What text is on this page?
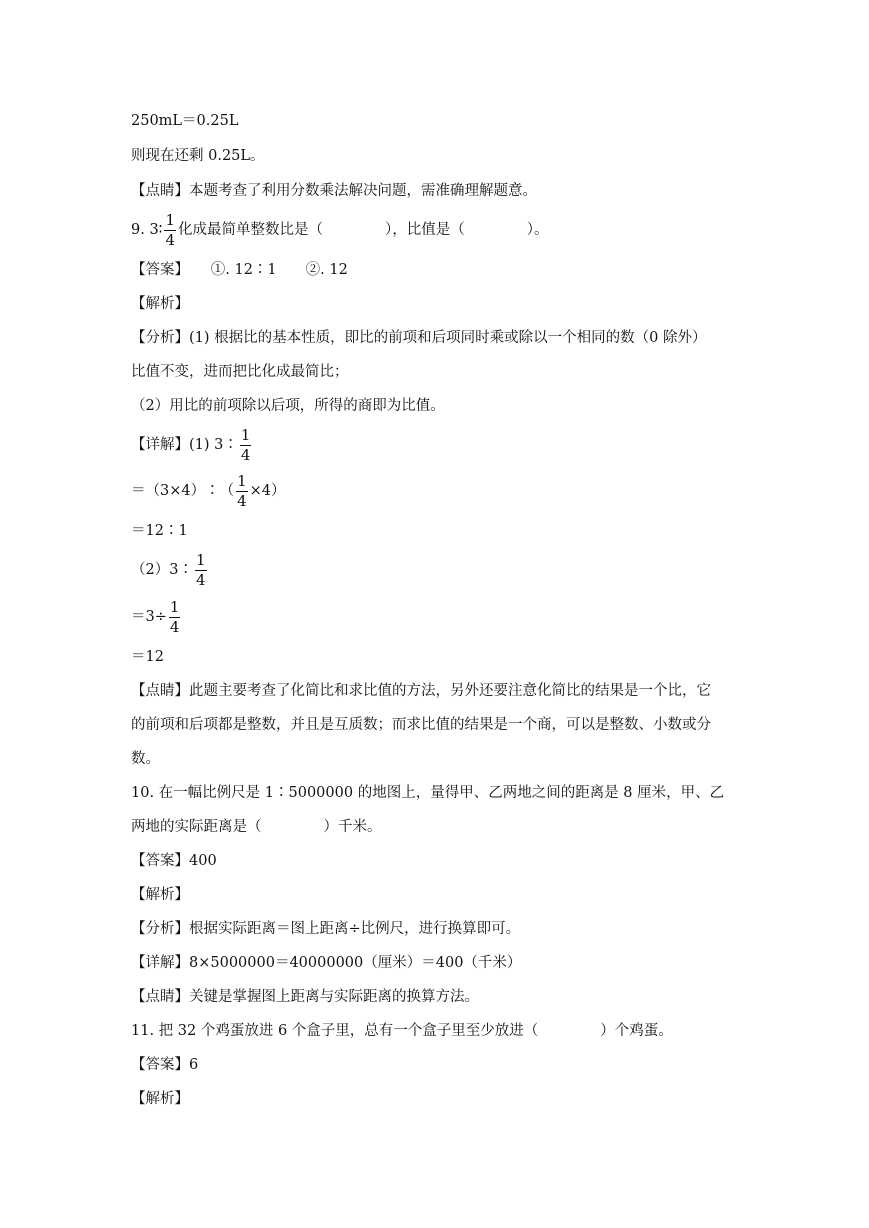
250mL＝0.25L
则现在还剩 0.25L。
【点睛】本题考查了利用分数乘法解决问题，需准确理解题意。
9. 3∶ $\frac{1}{4}$ 化成最简单整数比是（	），比值是（	）。
【答案】　　①. 12∶1　　②. 12
【解析】
【分析】(1) 根据比的基本性质，即比的前项和后项同时乘或除以一个相同的数（0 除外）
比值不变，进而把比化成最简比；
（2）用比的前项除以后项，所得的商即为比值。
【详解】(1) 3∶ $\frac{1}{4}$
＝（3×4）∶（ $\frac{1}{4} \times 4$）
＝12∶1
（2）3∶ $\frac{1}{4}$
$=3\div \frac{1}{4}$
＝12
【点睛】此题主要考查了化简比和求比值的方法，另外还要注意化简比的结果是一个比，它
的前项和后项都是整数，并且是互质数；而求比值的结果是一个商，可以是整数、小数或分
数。
10. 在一幅比例尺是 1∶5000000 的地图上，量得甲、乙两地之间的距离是 8 厘米，甲、乙
两地的实际距离是（	）千米。
【答案】400
【解析】
【分析】根据实际距离＝图上距离÷比例尺，进行换算即可。
【详解】8×5000000＝40000000（厘米）＝400（千米）
【点睛】关键是掌握图上距离与实际距离的换算方法。
11. 把 32 个鸡蛋放进 6 个盒子里，总有一个盒子里至少放进（	）个鸡蛋。
【答案】6
【解析】
